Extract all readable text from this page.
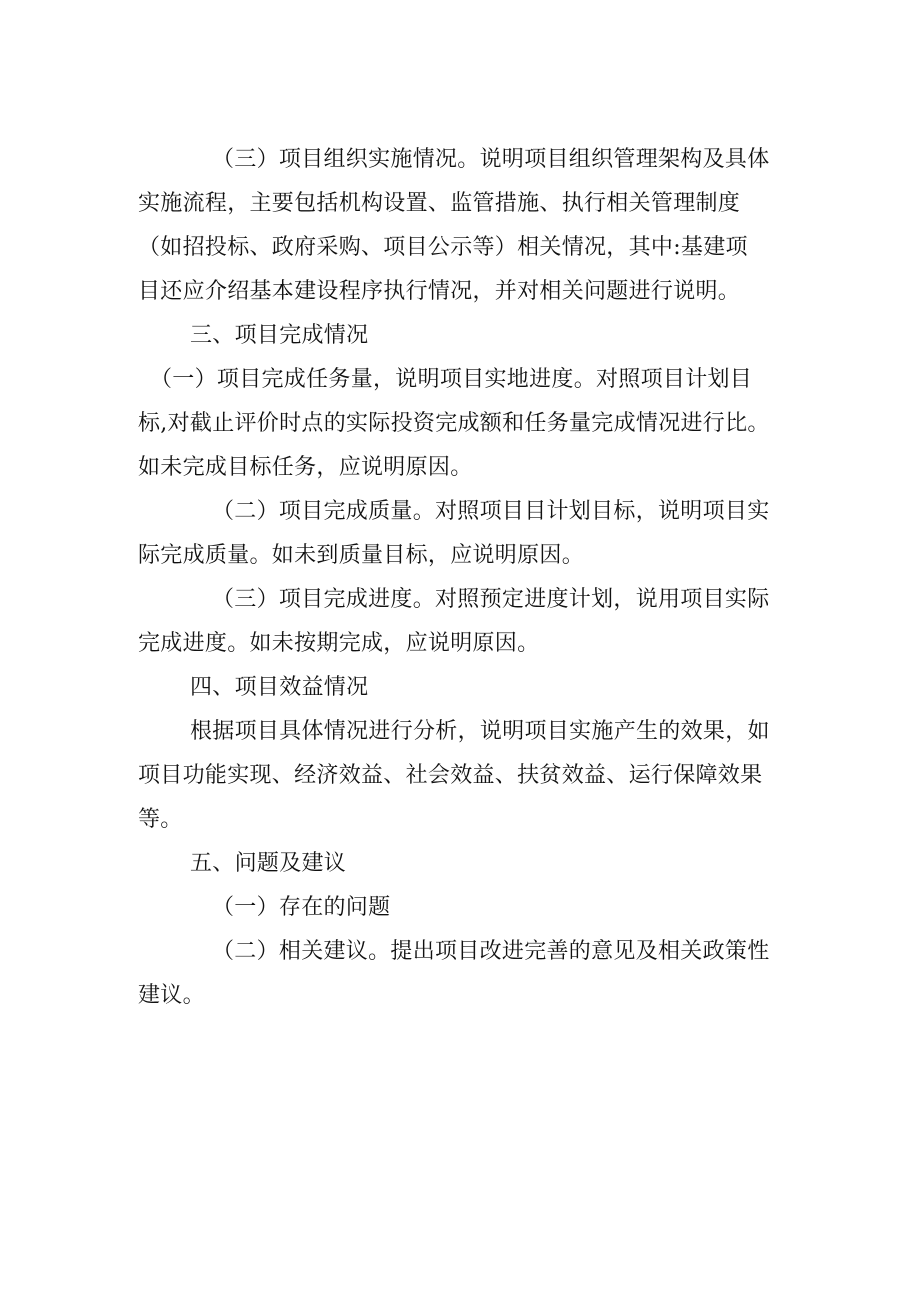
（三）项目组织实施情况。说明项目组织管理架构及具体
实施流程，主要包括机构设置、监管措施、执行相关管理制度
（如招投标、政府采购、项目公示等）相关情况，其中:基建项
目还应介绍基本建设程序执行情况，并对相关问题进行说明。
三、项目完成情况
（一）项目完成任务量，说明项目实地进度。对照项目计划目
标,对截止评价时点的实际投资完成额和任务量完成情况进行比。
如未完成目标任务，应说明原因。
（二）项目完成质量。对照项目目计划目标，说明项目实
际完成质量。如未到质量目标，应说明原因。
（三）项目完成进度。对照预定进度计划，说用项目实际
完成进度。如未按期完成，应说明原因。
四、项目效益情况
根据项目具体情况进行分析，说明项目实施产生的效果，如
项目功能实现、经济效益、社会效益、扶贫效益、运行保障效果
等。
五、问题及建议
（一）存在的问题
（二）相关建议。提出项目改进完善的意见及相关政策性
建议。
